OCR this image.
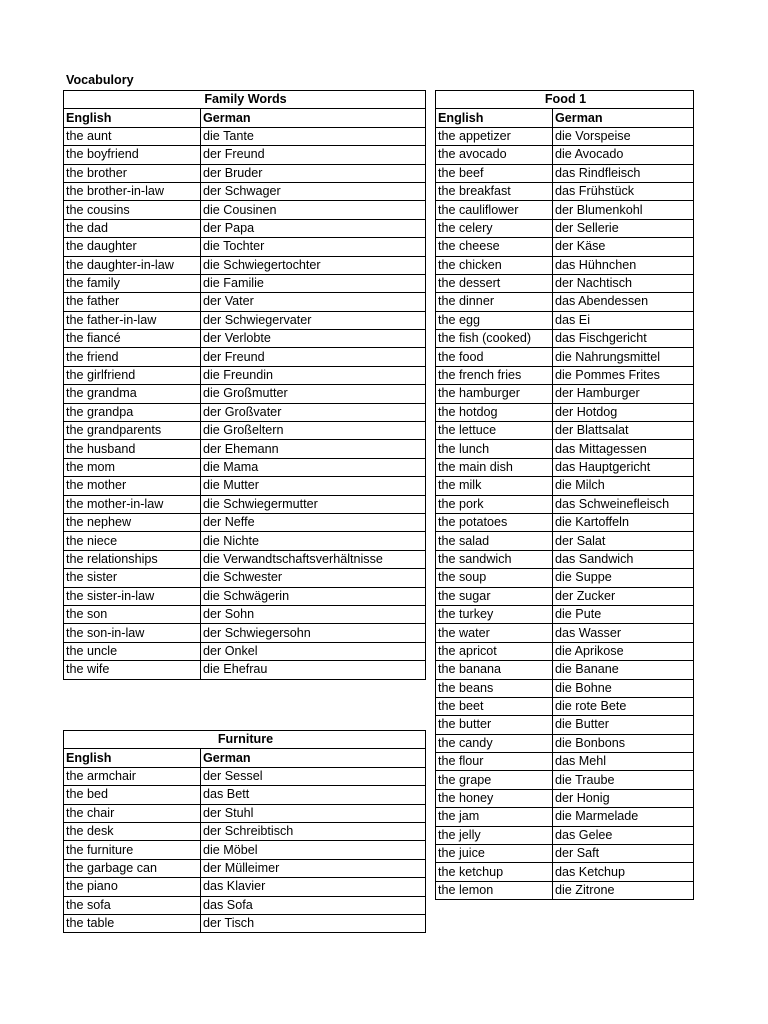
Vocabulory
Family Words	
English	German
the aunt	die Tante
the boyfriend	der Freund
the brother	der Bruder
the brother-in-law	der Schwager
the cousins	die Cousinen
the dad	der Papa
the daughter	die Tochter
the daughter-in-law	die Schwiegertochter
the family	die Familie
the father	der Vater
the father-in-law	der Schwiegervater
the fiancé	der Verlobte
the friend	der Freund
the girlfriend	die Freundin
the grandma	die Großmutter
the grandpa	der Großvater
the grandparents	die Großeltern
the husband	der Ehemann
the mom	die Mama
the mother	die Mutter
the mother-in-law	die Schwiegermutter
the nephew	der Neffe
the niece	die Nichte
the relationships	die Verwandtschaftsverhältnisse
the sister	die Schwester
the sister-in-law	die Schwägerin
the son	der Sohn
the son-in-law	der Schwiegersohn
the uncle	der Onkel
the wife	die Ehefrau
Furniture	
English	German
the armchair	der Sessel
the bed	das Bett
the chair	der Stuhl
the desk	der Schreibtisch
the furniture	die Möbel
the garbage can	der Mülleimer
the piano	das Klavier
the sofa	das Sofa
the table	der Tisch
Food 1	
English	German
the appetizer	die Vorspeise
the avocado	die Avocado
the beef	das Rindfleisch
the breakfast	das Frühstück
the cauliflower	der Blumenkohl
the celery	der Sellerie
the cheese	der Käse
the chicken	das Hühnchen
the dessert	der Nachtisch
the dinner	das Abendessen
the egg	das Ei
the fish (cooked)	das Fischgericht
the food	die Nahrungsmittel
the french fries	die Pommes Frites
the hamburger	der Hamburger
the hotdog	der Hotdog
the lettuce	der Blattsalat
the lunch	das Mittagessen
the main dish	das Hauptgericht
the milk	die Milch
the pork	das Schweinefleisch
the potatoes	die Kartoffeln
the salad	der Salat
the sandwich	das Sandwich
the soup	die Suppe
the sugar	der Zucker
the turkey	die Pute
the water	das Wasser
the apricot	die Aprikose
the banana	die Banane
the beans	die Bohne
the beet	die rote Bete
the butter	die Butter
the candy	die Bonbons
the flour	das Mehl
the grape	die Traube
the honey	der Honig
the jam	die Marmelade
the jelly	das Gelee
the juice	der Saft
the ketchup	das Ketchup
the lemon	die Zitrone
